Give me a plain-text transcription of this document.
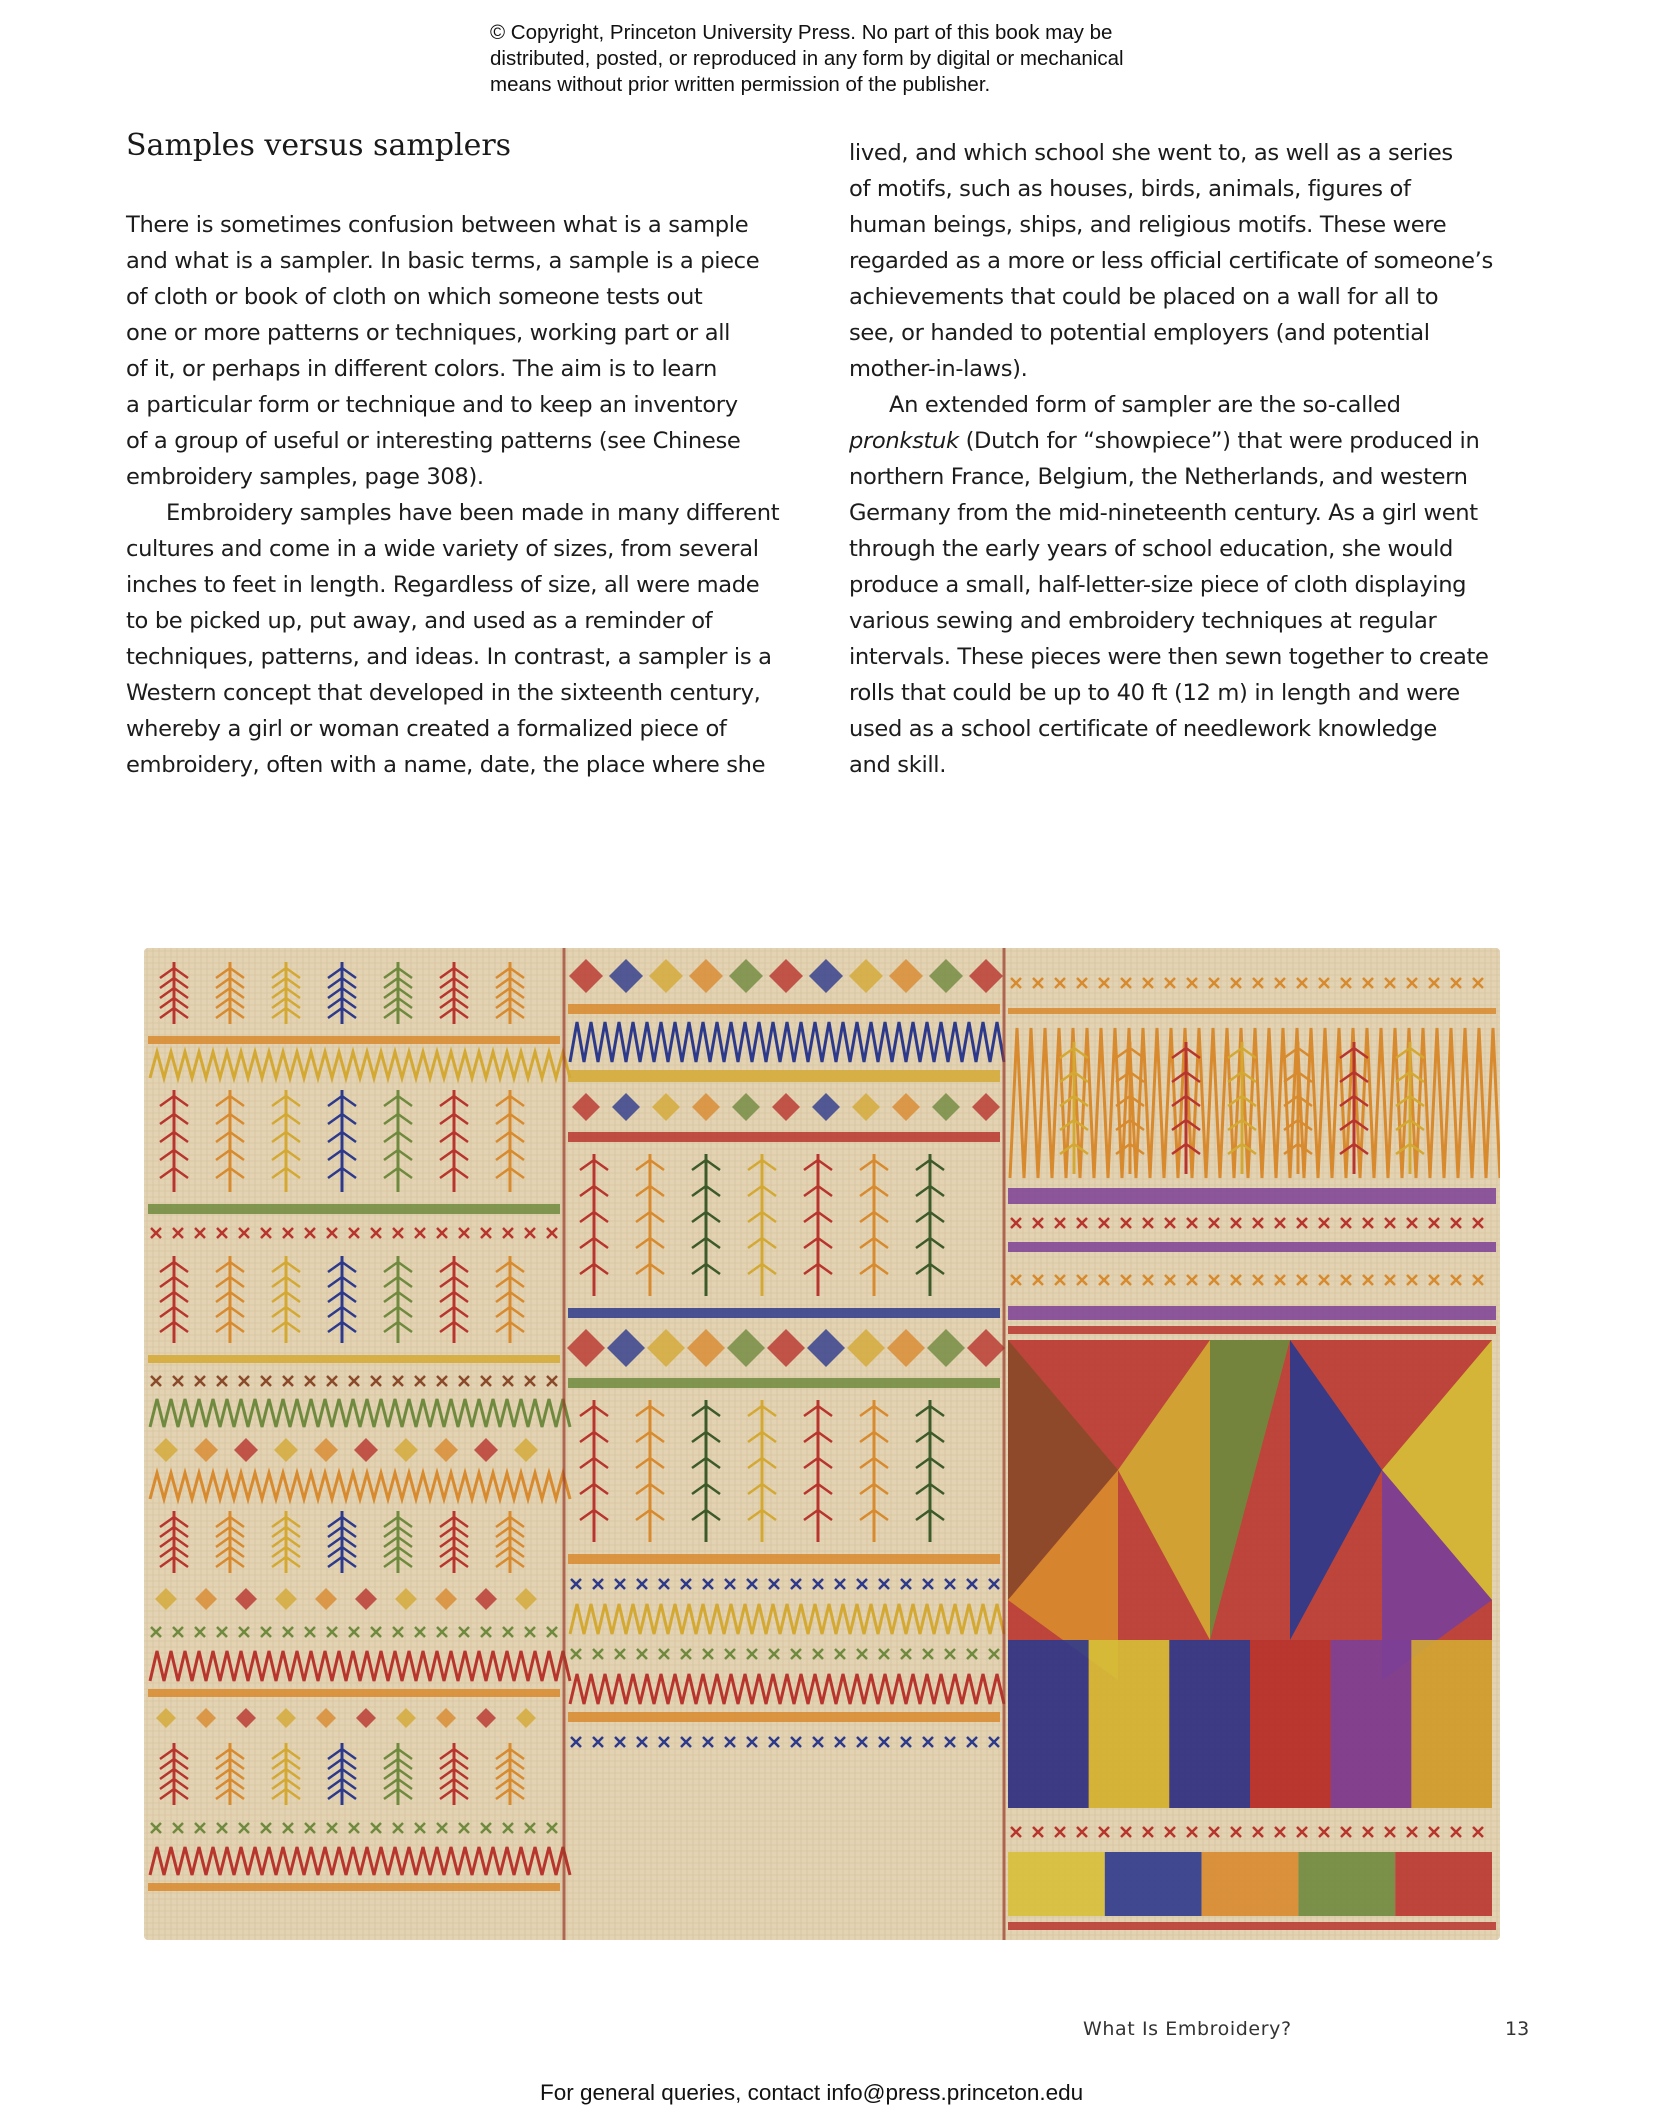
© Copyright, Princeton University Press. No part of this book may be
distributed, posted, or reproduced in any form by digital or mechanical
means without prior written permission of the publisher.
Samples versus samplers
There is sometimes confusion between what is a sample
and what is a sampler. In basic terms, a sample is a piece
of cloth or book of cloth on which someone tests out
one or more patterns or techniques, working part or all
of it, or perhaps in different colors. The aim is to learn
a particular form or technique and to keep an inventory
of a group of useful or interesting patterns (see Chinese
embroidery samples, page 308).
Embroidery samples have been made in many different
cultures and come in a wide variety of sizes, from several
inches to feet in length. Regardless of size, all were made
to be picked up, put away, and used as a reminder of
techniques, patterns, and ideas. In contrast, a sampler is a
Western concept that developed in the sixteenth century,
whereby a girl or woman created a formalized piece of
embroidery, often with a name, date, the place where she
lived, and which school she went to, as well as a series
of motifs, such as houses, birds, animals, figures of
human beings, ships, and religious motifs. These were
regarded as a more or less official certificate of someone’s
achievements that could be placed on a wall for all to
see, or handed to potential employers (and potential
mother-in-laws).
An extended form of sampler are the so-called
pronkstuk (Dutch for “showpiece”) that were produced in
northern France, Belgium, the Netherlands, and western
Germany from the mid-nineteenth century. As a girl went
through the early years of school education, she would
produce a small, half-letter-size piece of cloth displaying
various sewing and embroidery techniques at regular
intervals. These pieces were then sewn together to create
rolls that could be up to 40 ft (12 m) in length and were
used as a school certificate of needlework knowledge
and skill.
What Is Embroidery?	13
For general queries, contact info@press.princeton.edu
